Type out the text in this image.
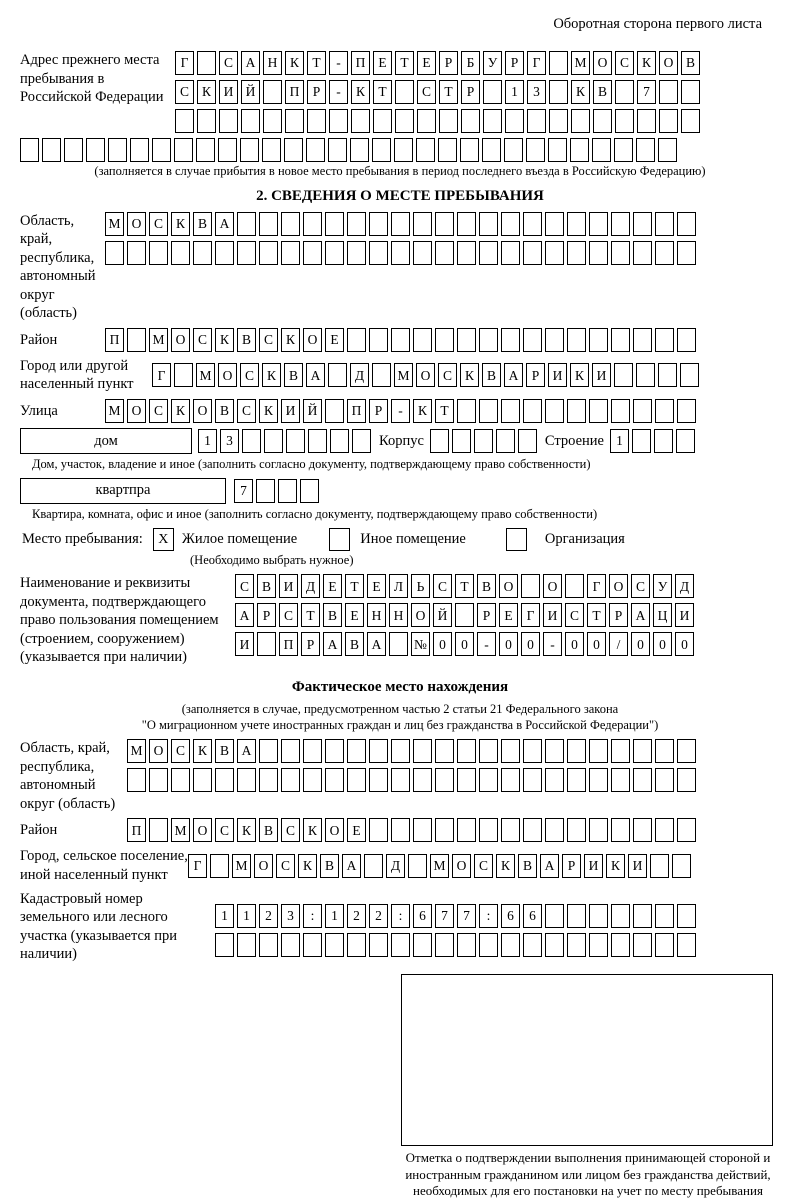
Оборотная сторона первого листа
Адрес прежнего места пребывания в Российской Федерации
Г	С А Н К Т	-	П Е	Т	Е	Р	Б У Р	Г	М О С К О В
С К И Й	П Р	-	К Т	С Т	Р	1	3	К В	7
(заполняется в случае прибытия в новое место пребывания в период последнего въезда в Российскую Федерацию)
2. СВЕДЕНИЯ О МЕСТЕ ПРЕБЫВАНИЯ
Область, край, республика, автономный округ (область)
М О С К В А
Район	П	М О С К В С К О Е
Город или другой населенный пункт
Г	М О С К В А	Д	М О С К В А Р И К И
Улица	М О С К О В С К И Й	П Р	-	К Т
дом	1	3	Корпус	Строение 1
Дом, участок, владение и иное (заполнить согласно документу, подтверждающему право собственности)
квартпра	7
Квартира, комната, офис и иное (заполнить согласно документу, подтверждающему право собственности)
Место пребывания:	X Жилое помещение	Иное помещение	Организация
(Необходимо выбрать нужное)
Наименование и реквизиты документа, подтверждающего право пользования помещением (строением, сооружением) (указывается при наличии)
С В И Д Е	Т	Е Л	Ь	С Т В О	О	Г О С У Д
А Р	С Т В Е Н Н О Й	Р	Е	Г И С Т	Р А Ц И
И	П Р А В А	№ 0	0	-	0	0	-	0	0	/	0	0	0
Фактическое место нахождения
(заполняется в случае, предусмотренном частью 2 статьи 21 Федерального закона
"О миграционном учете иностранных граждан и лиц без гражданства в Российской Федерации")
Область, край, республика, автономный округ (область)
М О С К В А
Район	П	М О С К В С К О Е
Город, сельское поселение, иной населенный пункт
Г	М О С К В А	Д	М О С К В А Р И К И
Кадастровый номер земельного или лесного участка (указывается при наличии)
1	1	2	3	:	1	2	2	:	6	7	7	:	6	6
Отметка о подтверждении выполнения принимающей стороной и иностранным гражданином или лицом без гражданства действий, необходимых для его постановки на учет по месту пребывания
